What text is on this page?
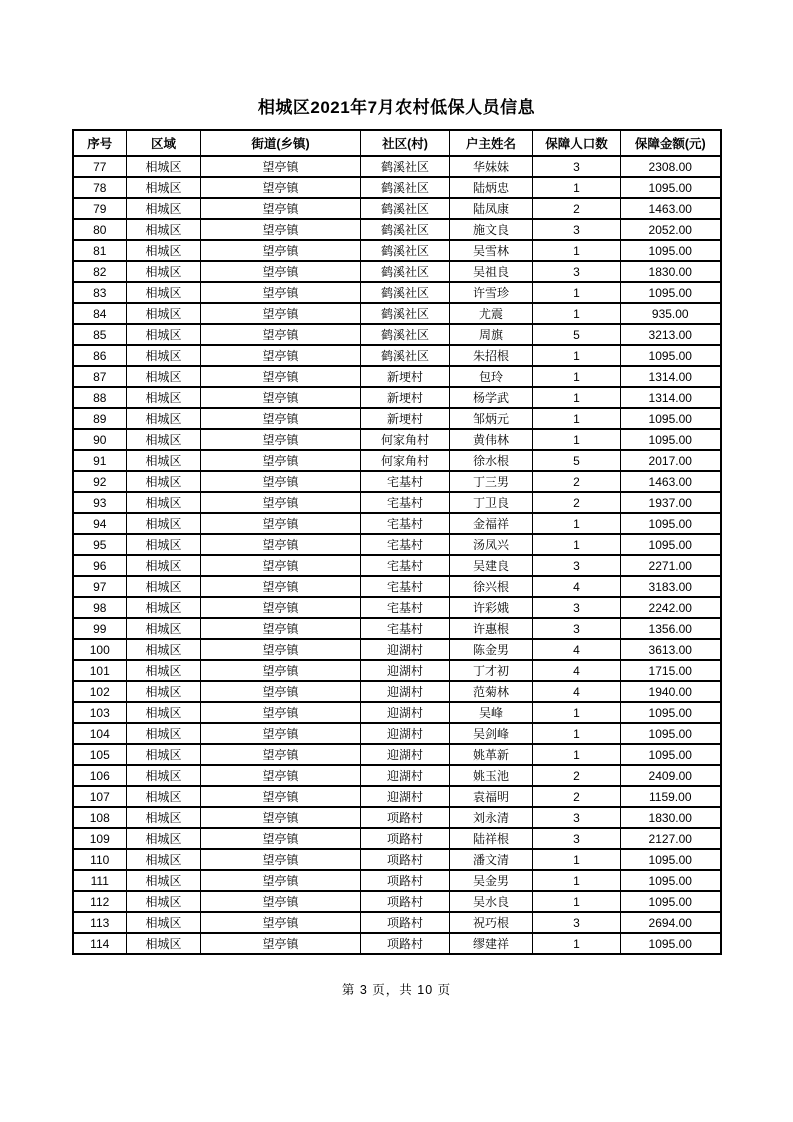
相城区2021年7月农村低保人员信息
序号	区域	街道(乡镇)	社区(村)	户主姓名	保障人口数	保障金额(元)
77	相城区	望亭镇	鹤溪社区	华妹妹	3	2308.00
78	相城区	望亭镇	鹤溪社区	陆炳忠	1	1095.00
79	相城区	望亭镇	鹤溪社区	陆凤康	2	1463.00
80	相城区	望亭镇	鹤溪社区	施文良	3	2052.00
81	相城区	望亭镇	鹤溪社区	吴雪林	1	1095.00
82	相城区	望亭镇	鹤溪社区	吴祖良	3	1830.00
83	相城区	望亭镇	鹤溪社区	许雪珍	1	1095.00
84	相城区	望亭镇	鹤溪社区	尤震	1	935.00
85	相城区	望亭镇	鹤溪社区	周旗	5	3213.00
86	相城区	望亭镇	鹤溪社区	朱招根	1	1095.00
87	相城区	望亭镇	新埂村	包玲	1	1314.00
88	相城区	望亭镇	新埂村	杨学武	1	1314.00
89	相城区	望亭镇	新埂村	邹炳元	1	1095.00
90	相城区	望亭镇	何家角村	黄伟林	1	1095.00
91	相城区	望亭镇	何家角村	徐水根	5	2017.00
92	相城区	望亭镇	宅基村	丁三男	2	1463.00
93	相城区	望亭镇	宅基村	丁卫良	2	1937.00
94	相城区	望亭镇	宅基村	金福祥	1	1095.00
95	相城区	望亭镇	宅基村	汤凤兴	1	1095.00
96	相城区	望亭镇	宅基村	吴建良	3	2271.00
97	相城区	望亭镇	宅基村	徐兴根	4	3183.00
98	相城区	望亭镇	宅基村	许彩娥	3	2242.00
99	相城区	望亭镇	宅基村	许惠根	3	1356.00
100	相城区	望亭镇	迎湖村	陈金男	4	3613.00
101	相城区	望亭镇	迎湖村	丁才初	4	1715.00
102	相城区	望亭镇	迎湖村	范菊林	4	1940.00
103	相城区	望亭镇	迎湖村	吴峰	1	1095.00
104	相城区	望亭镇	迎湖村	吴剑峰	1	1095.00
105	相城区	望亭镇	迎湖村	姚革新	1	1095.00
106	相城区	望亭镇	迎湖村	姚玉池	2	2409.00
107	相城区	望亭镇	迎湖村	袁福明	2	1159.00
108	相城区	望亭镇	项路村	刘永清	3	1830.00
109	相城区	望亭镇	项路村	陆祥根	3	2127.00
110	相城区	望亭镇	项路村	潘文清	1	1095.00
111	相城区	望亭镇	项路村	吴金男	1	1095.00
112	相城区	望亭镇	项路村	吴水良	1	1095.00
113	相城区	望亭镇	项路村	祝巧根	3	2694.00
114	相城区	望亭镇	项路村	缪建祥	1	1095.00
第 3 页，共 10 页
